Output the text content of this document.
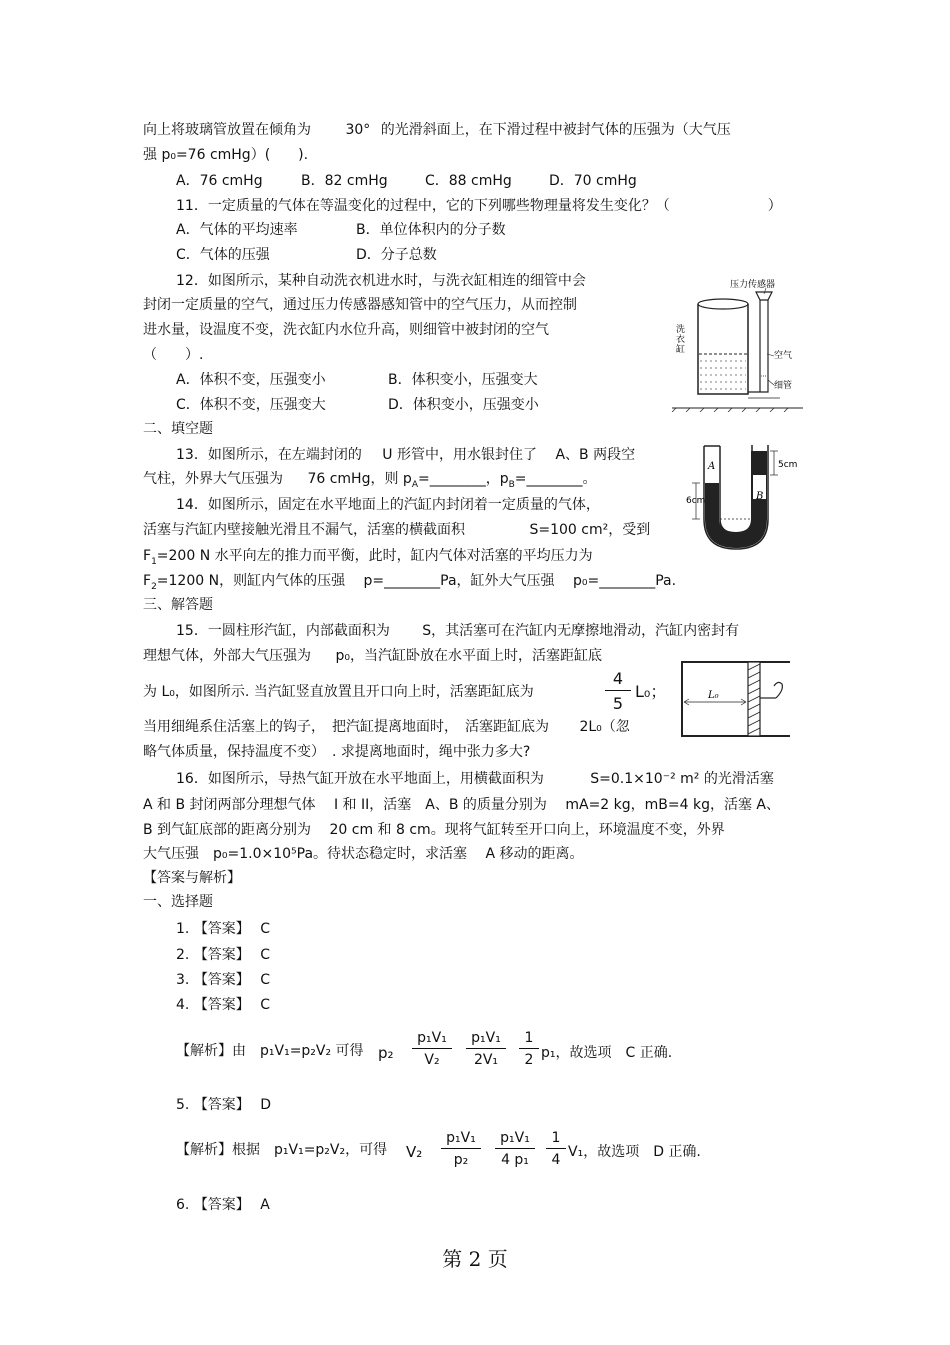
向上将玻璃管放置在倾角为 30° 的光滑斜面上，在下滑过程中被封气体的压强为（大气压
强 p₀=76 cmHg）(　　).
A．76 cmHg	B．82 cmHg	C．88 cmHg	D．70 cmHg
11．一定质量的气体在等温变化的过程中，它的下列哪些物理量将发生变化？（　　　　　　　）
A．气体的平均速率	B．单位体积内的分子数
C．气体的压强	D．分子总数
12．如图所示，某种自动洗衣机进水时，与洗衣缸相连的细管中会
封闭一定质量的空气，通过压力传感器感知管中的空气压力，从而控制
进水量，设温度不变，洗衣缸内水位升高，则细管中被封闭的空气
（　　）.
A．体积不变，压强变小	B．体积变小，压强变大
C．体积不变，压强变大	D．体积变小，压强变小
压力传感器
洗
衣
缸
空气
细管
二、填空题
13．如图所示，在左端封闭的 U 形管中，用水银封住了 A、B 两段空
气柱，外界大气压强为 76 cmHg，则 $p_A=\_\_\_\_\_\_\_\_$，$p_B=\_\_\_\_\_\_\_\_$。
A
B
5cm
6cm
14．如图所示，固定在水平地面上的汽缸内封闭着一定质量的气体，
活塞与汽缸内壁接触光滑且不漏气，活塞的横截面积	S=100 cm²，受到
$F_1=200$ N 水平向左的推力而平衡，此时，缸内气体对活塞的平均压力为
$F_2=1200$ N，则缸内气体的压强　 p=________Pa，缸外大气压强　 p₀=________Pa.
三、解答题
15．一圆柱形汽缸，内部截面积为 S，其活塞可在汽缸内无摩擦地滑动，汽缸内密封有
理想气体，外部大气压强为 p₀，当汽缸卧放在水平面上时，活塞距缸底
为 L₀，如图所示. 当汽缸竖直放置且开口向上时，活塞距缸底为	$\frac{4}{5} L_0$；
当用细绳系住活塞上的钩子，　把汽缸提离地面时，　活塞距缸底为 2L₀（忽
略气体质量，保持温度不变）　. 求提离地面时，绳中张力多大?
L₀
16．如图所示，导热气缸开放在水平地面上，用横截面积为	S=0.1×10⁻² m² 的光滑活塞
A 和 B 封闭两部分理想气体　 I 和 II，活塞　A、B 的质量分别为　 mA=2 kg，mB=4 kg，活塞 A、
B 到气缸底部的距离分别为　 20 cm 和 8 cm。现将气缸转至开口向上，环境温度不变，外界
大气压强　p₀=1.0×10⁵Pa。待状态稳定时，求活塞　 A 移动的距离。
【答案与解析】
一、选择题
1. 【答案】 C
2. 【答案】 C
3. 【答案】 C
4. 【答案】 C
【解析】由　p₁V₁=p₂V₂ 可得 $p_2 \frac{\text{p₁V₁}}{\text{V₂}} \frac{\text{p₁V₁}}{\text{2V₁}} \frac{1}{2} p_1$，故选项　C 正确.
5. 【答案】 D
【解析】根据　p₁V₁=p₂V₂，可得 $V_2 \frac{\text{p₁V₁}}{\text{p₂}} \frac{\text{p₁V₁}}{\text{4 p₁}} \frac{1}{4} V_1$，故选项　D 正确.
6. 【答案】 A
第 2 页
